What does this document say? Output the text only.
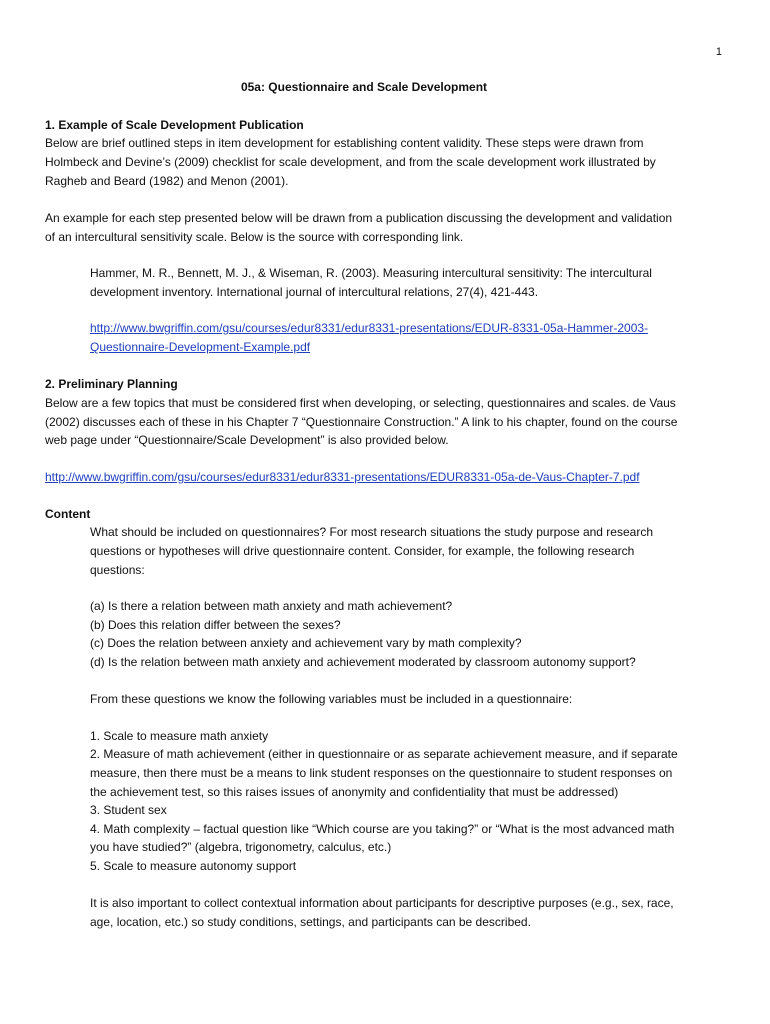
1
05a: Questionnaire and Scale Development
1. Example of Scale Development Publication
Below are brief outlined steps in item development for establishing content validity. These steps were drawn from
Holmbeck and Devine’s (2009) checklist for scale development, and from the scale development work illustrated by
Ragheb and Beard (1982) and Menon (2001).
An example for each step presented below will be drawn from a publication discussing the development and validation
of an intercultural sensitivity scale. Below is the source with corresponding link.
Hammer, M. R., Bennett, M. J., & Wiseman, R. (2003). Measuring intercultural sensitivity: The intercultural
development inventory. International journal of intercultural relations, 27(4), 421-443.
http://www.bwgriffin.com/gsu/courses/edur8331/edur8331-presentations/EDUR-8331-05a-Hammer-2003-
Questionnaire-Development-Example.pdf
2. Preliminary Planning
Below are a few topics that must be considered first when developing, or selecting, questionnaires and scales. de Vaus
(2002) discusses each of these in his Chapter 7 “Questionnaire Construction.” A link to his chapter, found on the course
web page under “Questionnaire/Scale Development” is also provided below.
http://www.bwgriffin.com/gsu/courses/edur8331/edur8331-presentations/EDUR8331-05a-de-Vaus-Chapter-7.pdf
Content
What should be included on questionnaires? For most research situations the study purpose and research
questions or hypotheses will drive questionnaire content. Consider, for example, the following research
questions:
(a) Is there a relation between math anxiety and math achievement?
(b) Does this relation differ between the sexes?
(c) Does the relation between anxiety and achievement vary by math complexity?
(d) Is the relation between math anxiety and achievement moderated by classroom autonomy support?
From these questions we know the following variables must be included in a questionnaire:
1. Scale to measure math anxiety
2. Measure of math achievement (either in questionnaire or as separate achievement measure, and if separate
measure, then there must be a means to link student responses on the questionnaire to student responses on
the achievement test, so this raises issues of anonymity and confidentiality that must be addressed)
3. Student sex
4. Math complexity – factual question like “Which course are you taking?” or “What is the most advanced math
you have studied?” (algebra, trigonometry, calculus, etc.)
5. Scale to measure autonomy support
It is also important to collect contextual information about participants for descriptive purposes (e.g., sex, race,
age, location, etc.) so study conditions, settings, and participants can be described.
